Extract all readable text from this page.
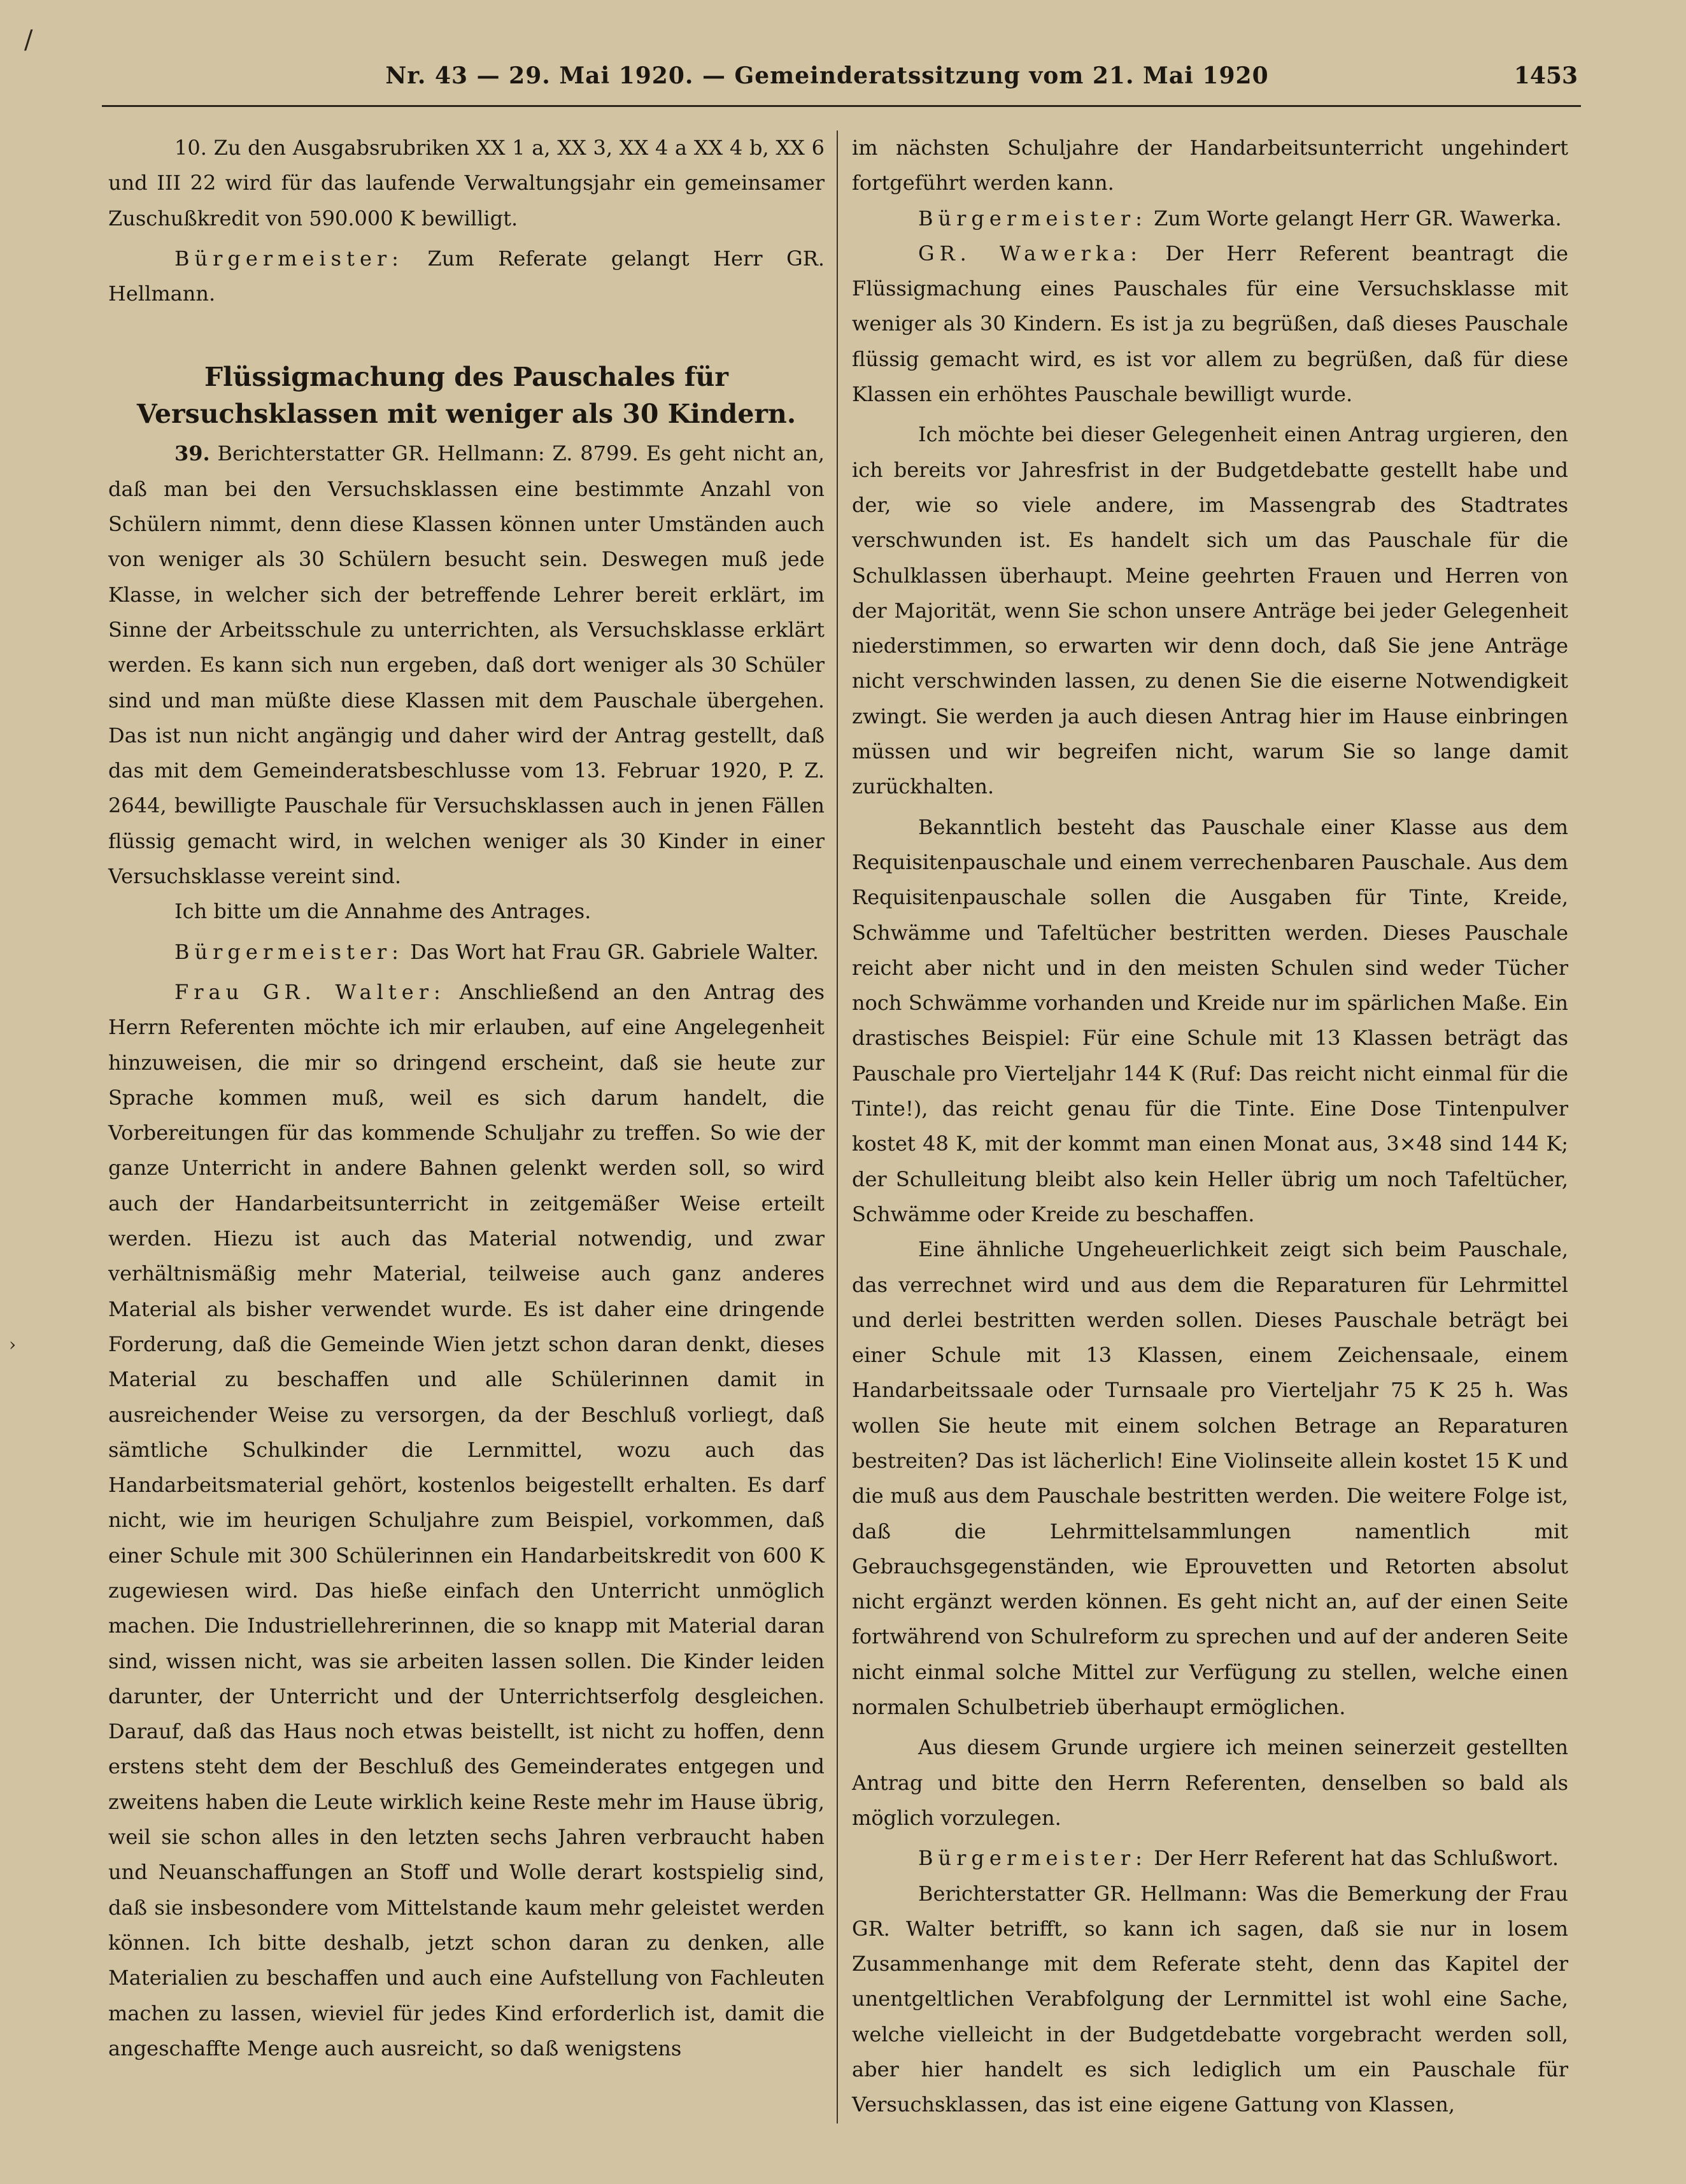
Nr. 43 — 29. Mai 1920. — Gemeinderatssitzung vom 21. Mai 1920	1453
/
›

10. Zu den Ausgabsrubriken XX 1 a, XX 3, XX 4 a XX 4 b, XX 6 und III 22 wird für das laufende Verwaltungsjahr ein gemeinsamer Zuschußkredit von 590.000 K bewilligt.

Bürgermeister: Zum Referate gelangt Herr GR. Hellmann.

Flüssigmachung des Pauschales für Versuchsklassen mit weniger als 30 Kindern.

39. Berichterstatter GR. Hellmann: Z. 8799. Es geht nicht an, daß man bei den Versuchsklassen eine bestimmte Anzahl von Schülern nimmt, denn diese Klassen können unter Umständen auch von weniger als 30 Schülern besucht sein. Deswegen muß jede Klasse, in welcher sich der betreffende Lehrer bereit erklärt, im Sinne der Arbeitsschule zu unterrichten, als Versuchsklasse erklärt werden. Es kann sich nun ergeben, daß dort weniger als 30 Schüler sind und man müßte diese Klassen mit dem Pauschale übergehen. Das ist nun nicht angängig und daher wird der Antrag gestellt, daß das mit dem Gemeinderatsbeschlusse vom 13. Februar 1920, P. Z. 2644, bewilligte Pauschale für Versuchsklassen auch in jenen Fällen flüssig gemacht wird, in welchen weniger als 30 Kinder in einer Versuchsklasse vereint sind.

Ich bitte um die Annahme des Antrages.

Bürgermeister: Das Wort hat Frau GR. Gabriele Walter.

Frau GR. Walter: Anschließend an den Antrag des Herrn Referenten möchte ich mir erlauben, auf eine Angelegenheit hinzuweisen, die mir so dringend erscheint, daß sie heute zur Sprache kommen muß, weil es sich darum handelt, die Vorbereitungen für das kommende Schuljahr zu treffen. So wie der ganze Unterricht in andere Bahnen gelenkt werden soll, so wird auch der Handarbeitsunterricht in zeitgemäßer Weise erteilt werden. Hiezu ist auch das Material notwendig, und zwar verhältnismäßig mehr Material, teilweise auch ganz anderes Material als bisher verwendet wurde. Es ist daher eine dringende Forderung, daß die Gemeinde Wien jetzt schon daran denkt, dieses Material zu beschaffen und alle Schülerinnen damit in ausreichender Weise zu versorgen, da der Beschluß vorliegt, daß sämtliche Schulkinder die Lernmittel, wozu auch das Handarbeitsmaterial gehört, kostenlos beigestellt erhalten. Es darf nicht, wie im heurigen Schuljahre zum Beispiel, vorkommen, daß einer Schule mit 300 Schülerinnen ein Handarbeitskredit von 600 K zugewiesen wird. Das hieße einfach den Unterricht unmöglich machen. Die Industriellehrerinnen, die so knapp mit Material daran sind, wissen nicht, was sie arbeiten lassen sollen. Die Kinder leiden darunter, der Unterricht und der Unterrichtserfolg desgleichen. Darauf, daß das Haus noch etwas beistellt, ist nicht zu hoffen, denn erstens steht dem der Beschluß des Gemeinderates entgegen und zweitens haben die Leute wirklich keine Reste mehr im Hause übrig, weil sie schon alles in den letzten sechs Jahren verbraucht haben und Neuanschaffungen an Stoff und Wolle derart kostspielig sind, daß sie insbesondere vom Mittelstande kaum mehr geleistet werden können. Ich bitte deshalb, jetzt schon daran zu denken, alle Materialien zu beschaffen und auch eine Aufstellung von Fachleuten machen zu lassen, wieviel für jedes Kind erforderlich ist, damit die angeschaffte Menge auch ausreicht, so daß wenigstens

im nächsten Schuljahre der Handarbeitsunterricht ungehindert fortgeführt werden kann.

Bürgermeister: Zum Worte gelangt Herr GR. Wawerka.

GR. Wawerka: Der Herr Referent beantragt die Flüssigmachung eines Pauschales für eine Versuchsklasse mit weniger als 30 Kindern. Es ist ja zu begrüßen, daß dieses Pauschale flüssig gemacht wird, es ist vor allem zu begrüßen, daß für diese Klassen ein erhöhtes Pauschale bewilligt wurde.

Ich möchte bei dieser Gelegenheit einen Antrag urgieren, den ich bereits vor Jahresfrist in der Budgetdebatte gestellt habe und der, wie so viele andere, im Massengrab des Stadtrates verschwunden ist. Es handelt sich um das Pauschale für die Schulklassen überhaupt. Meine geehrten Frauen und Herren von der Majorität, wenn Sie schon unsere Anträge bei jeder Gelegenheit niederstimmen, so erwarten wir denn doch, daß Sie jene Anträge nicht verschwinden lassen, zu denen Sie die eiserne Notwendigkeit zwingt. Sie werden ja auch diesen Antrag hier im Hause einbringen müssen und wir begreifen nicht, warum Sie so lange damit zurückhalten.

Bekanntlich besteht das Pauschale einer Klasse aus dem Requisitenpauschale und einem verrechenbaren Pauschale. Aus dem Requisitenpauschale sollen die Ausgaben für Tinte, Kreide, Schwämme und Tafeltücher bestritten werden. Dieses Pauschale reicht aber nicht und in den meisten Schulen sind weder Tücher noch Schwämme vorhanden und Kreide nur im spärlichen Maße. Ein drastisches Beispiel: Für eine Schule mit 13 Klassen beträgt das Pauschale pro Vierteljahr 144 K (Ruf: Das reicht nicht einmal für die Tinte!), das reicht genau für die Tinte. Eine Dose Tintenpulver kostet 48 K, mit der kommt man einen Monat aus, 3×48 sind 144 K; der Schulleitung bleibt also kein Heller übrig um noch Tafeltücher, Schwämme oder Kreide zu beschaffen.

Eine ähnliche Ungeheuerlichkeit zeigt sich beim Pauschale, das verrechnet wird und aus dem die Reparaturen für Lehrmittel und derlei bestritten werden sollen. Dieses Pauschale beträgt bei einer Schule mit 13 Klassen, einem Zeichensaale, einem Handarbeitssaale oder Turnsaale pro Vierteljahr 75 K 25 h. Was wollen Sie heute mit einem solchen Betrage an Reparaturen bestreiten? Das ist lächerlich! Eine Violinseite allein kostet 15 K und die muß aus dem Pauschale bestritten werden. Die weitere Folge ist, daß die Lehrmittelsammlungen namentlich mit Gebrauchsgegenständen, wie Eprouvetten und Retorten absolut nicht ergänzt werden können. Es geht nicht an, auf der einen Seite fortwährend von Schulreform zu sprechen und auf der anderen Seite nicht einmal solche Mittel zur Verfügung zu stellen, welche einen normalen Schulbetrieb überhaupt ermöglichen.

Aus diesem Grunde urgiere ich meinen seinerzeit gestellten Antrag und bitte den Herrn Referenten, denselben so bald als möglich vorzulegen.

Bürgermeister: Der Herr Referent hat das Schlußwort.

Berichterstatter GR. Hellmann: Was die Bemerkung der Frau GR. Walter betrifft, so kann ich sagen, daß sie nur in losem Zusammenhange mit dem Referate steht, denn das Kapitel der unentgeltlichen Verabfolgung der Lernmittel ist wohl eine Sache, welche vielleicht in der Budgetdebatte vorgebracht werden soll, aber hier handelt es sich lediglich um ein Pauschale für Versuchsklassen, das ist eine eigene Gattung von Klassen,
